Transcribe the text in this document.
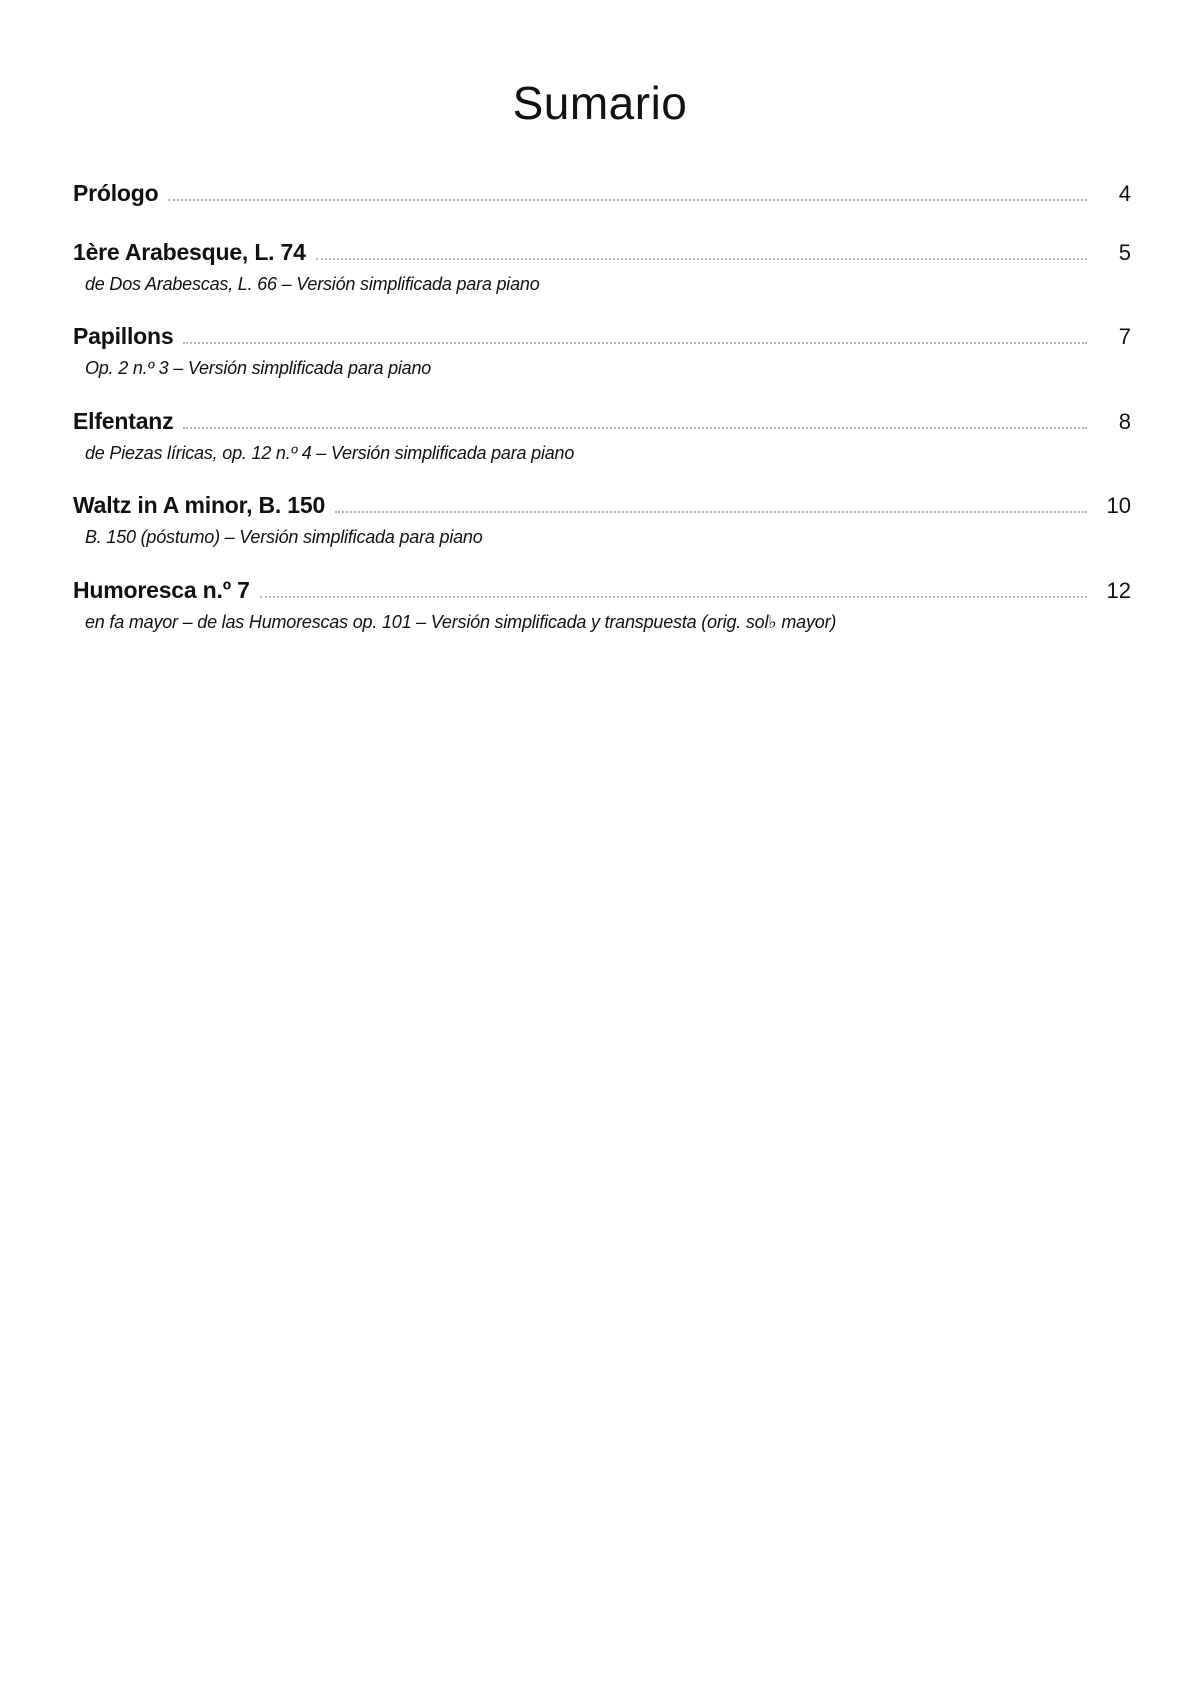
Sumario
Prólogo	4
1ère Arabesque, L. 74	5
de Dos Arabescas, L. 66 – Versión simplificada para piano
Papillons	7
Op. 2 n.º 3 – Versión simplificada para piano
Elfentanz	8
de Piezas líricas, op. 12 n.º 4 – Versión simplificada para piano
Waltz in A minor, B. 150	10
B. 150 (póstumo) – Versión simplificada para piano
Humoresca n.º 7	12
en fa mayor – de las Humorescas op. 101 – Versión simplificada y transpuesta (orig. sol♭ mayor)
